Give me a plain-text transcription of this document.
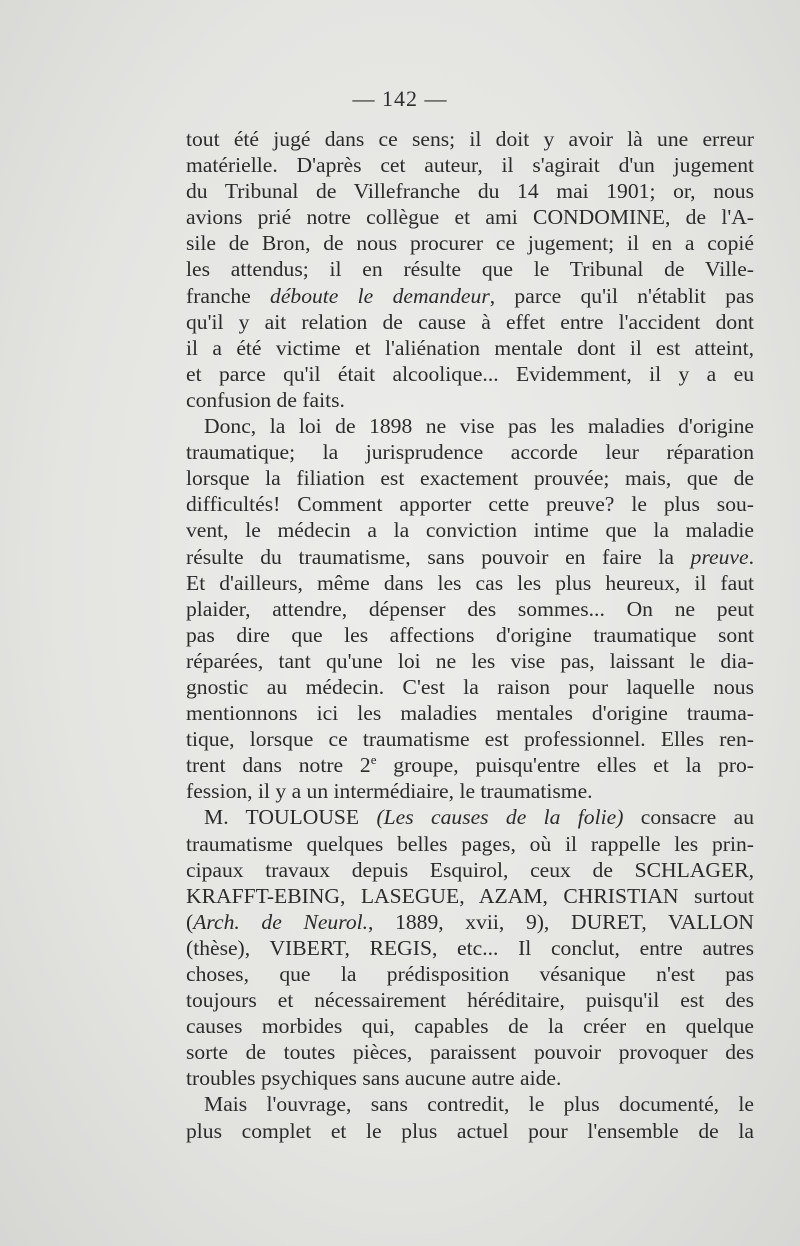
— 142 —
tout été jugé dans ce sens; il doit y avoir là une erreur
matérielle. D'après cet auteur, il s'agirait d'un jugement
du Tribunal de Villefranche du 14 mai 1901; or, nous
avions prié notre collègue et ami CONDOMINE, de l'A-
sile de Bron, de nous procurer ce jugement; il en a copié
les attendus; il en résulte que le Tribunal de Ville-
franche déboute le demandeur, parce qu'il n'établit pas
qu'il y ait relation de cause à effet entre l'accident dont
il a été victime et l'aliénation mentale dont il est atteint,
et parce qu'il était alcoolique... Evidemment, il y a eu
confusion de faits.
Donc, la loi de 1898 ne vise pas les maladies d'origine
traumatique; la jurisprudence accorde leur réparation
lorsque la filiation est exactement prouvée; mais, que de
difficultés! Comment apporter cette preuve? le plus sou-
vent, le médecin a la conviction intime que la maladie
résulte du traumatisme, sans pouvoir en faire la preuve.
Et d'ailleurs, même dans les cas les plus heureux, il faut
plaider, attendre, dépenser des sommes... On ne peut
pas dire que les affections d'origine traumatique sont
réparées, tant qu'une loi ne les vise pas, laissant le dia-
gnostic au médecin. C'est la raison pour laquelle nous
mentionnons ici les maladies mentales d'origine trauma-
tique, lorsque ce traumatisme est professionnel. Elles ren-
trent dans notre 2e groupe, puisqu'entre elles et la pro-
fession, il y a un intermédiaire, le traumatisme.
M. TOULOUSE (Les causes de la folie) consacre au
traumatisme quelques belles pages, où il rappelle les prin-
cipaux travaux depuis Esquirol, ceux de SCHLAGER,
KRAFFT-EBING, LASEGUE, AZAM, CHRISTIAN surtout
(Arch. de Neurol., 1889, xvii, 9), DURET, VALLON
(thèse), VIBERT, REGIS, etc... Il conclut, entre autres
choses, que la prédisposition vésanique n'est pas
toujours et nécessairement héréditaire, puisqu'il est des
causes morbides qui, capables de la créer en quelque
sorte de toutes pièces, paraissent pouvoir provoquer des
troubles psychiques sans aucune autre aide.
Mais l'ouvrage, sans contredit, le plus documenté, le
plus complet et le plus actuel pour l'ensemble de la
